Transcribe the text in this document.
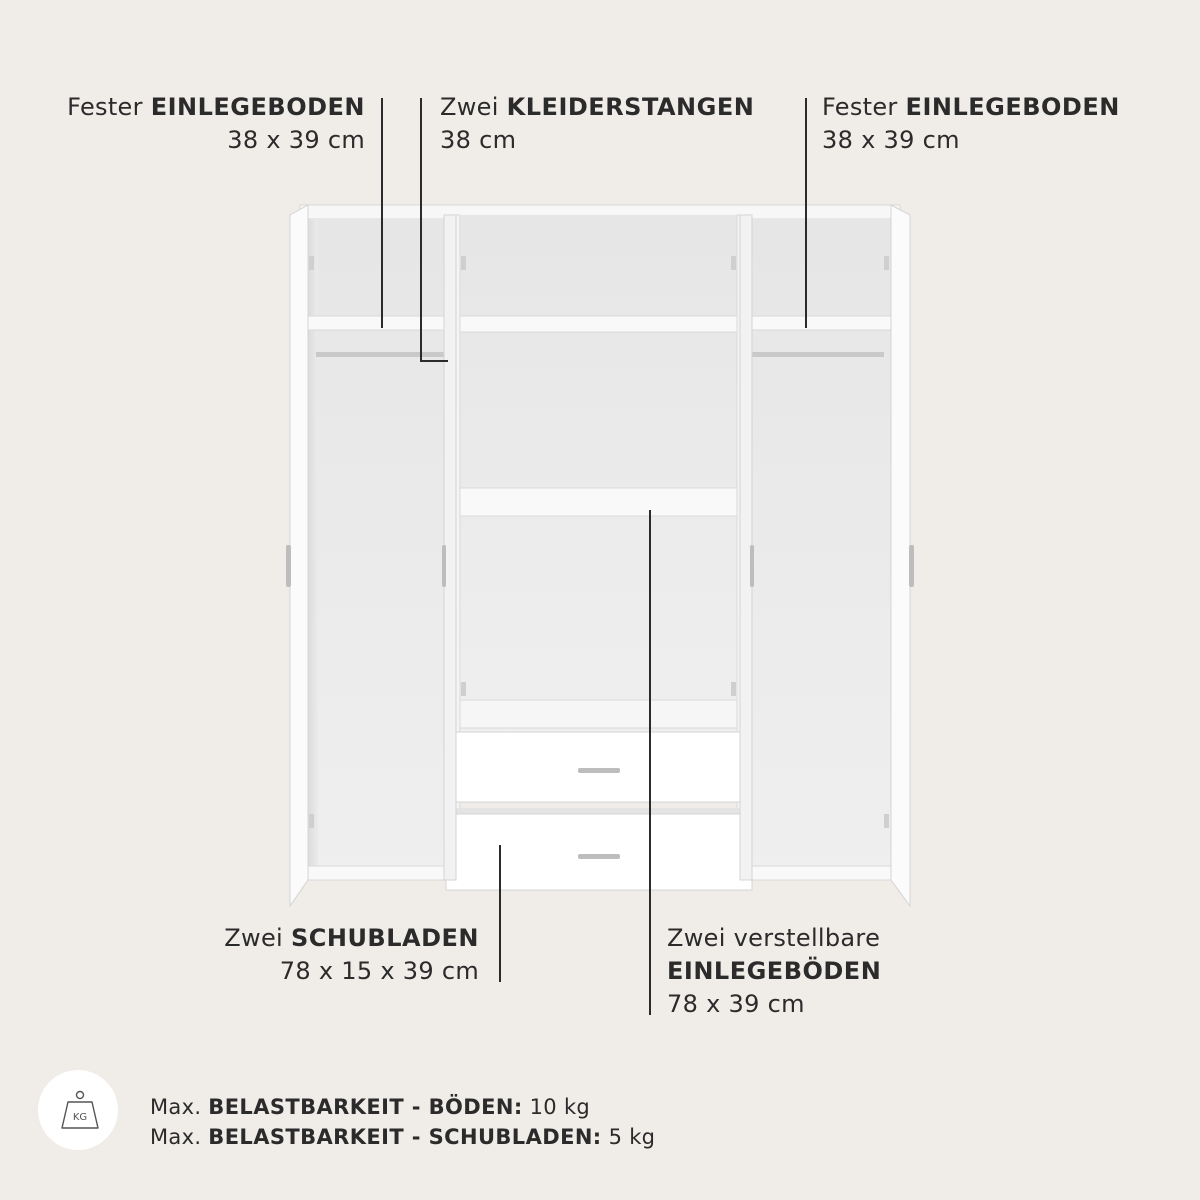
Fester EINLEGEBODEN
38 x 39 cm
Zwei KLEIDERSTANGEN
38 cm
Fester EINLEGEBODEN
38 x 39 cm
Zwei SCHUBLADEN
78 x 15 x 39 cm
Zwei verstellbare
EINLEGEBÖDEN
78 x 39 cm
KG	Max. BELASTBARKEIT - BÖDEN: 10 kg
Max. BELASTBARKEIT - SCHUBLADEN: 5 kg
